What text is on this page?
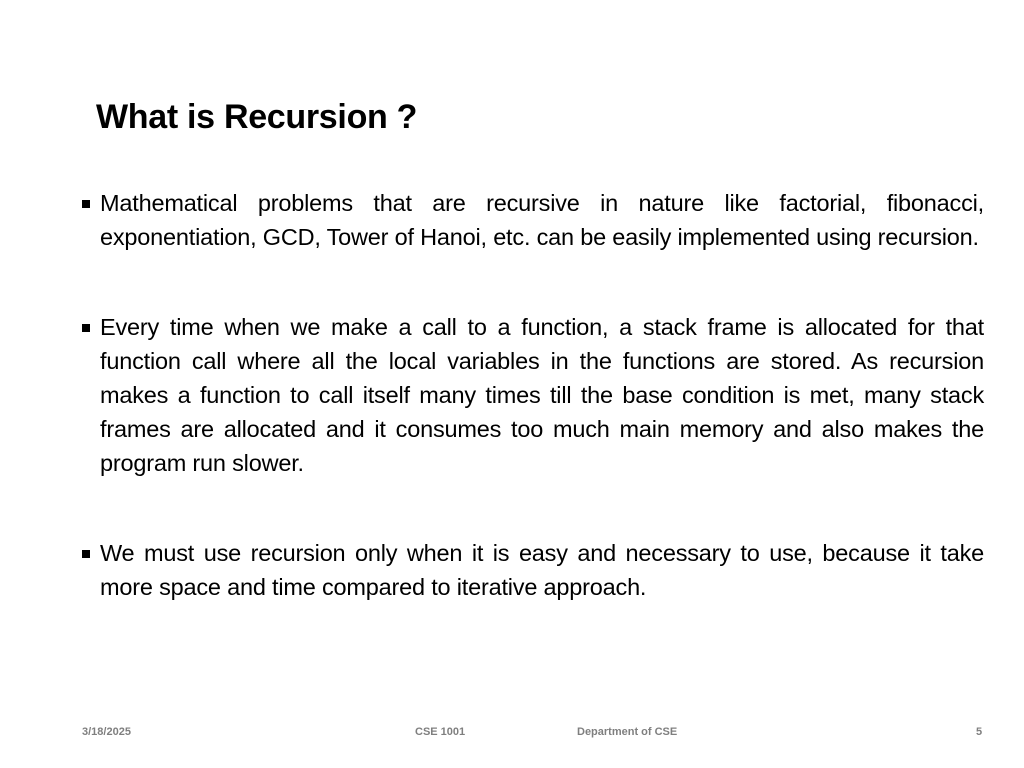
What is Recursion ?
Mathematical problems that are recursive in nature like factorial, fibonacci, exponentiation, GCD, Tower of Hanoi, etc. can be easily implemented using recursion.
Every time when we make a call to a function, a stack frame is allocated for that function call where all the local variables in the functions are stored. As recursion makes a function to call itself many times till the base condition is met, many stack frames are allocated and it consumes too much main memory and also makes the program run slower.
We must use recursion only when it is easy and necessary to use, because it take more space and time compared to iterative approach.
3/18/2025	CSE 1001	Department of CSE	5
